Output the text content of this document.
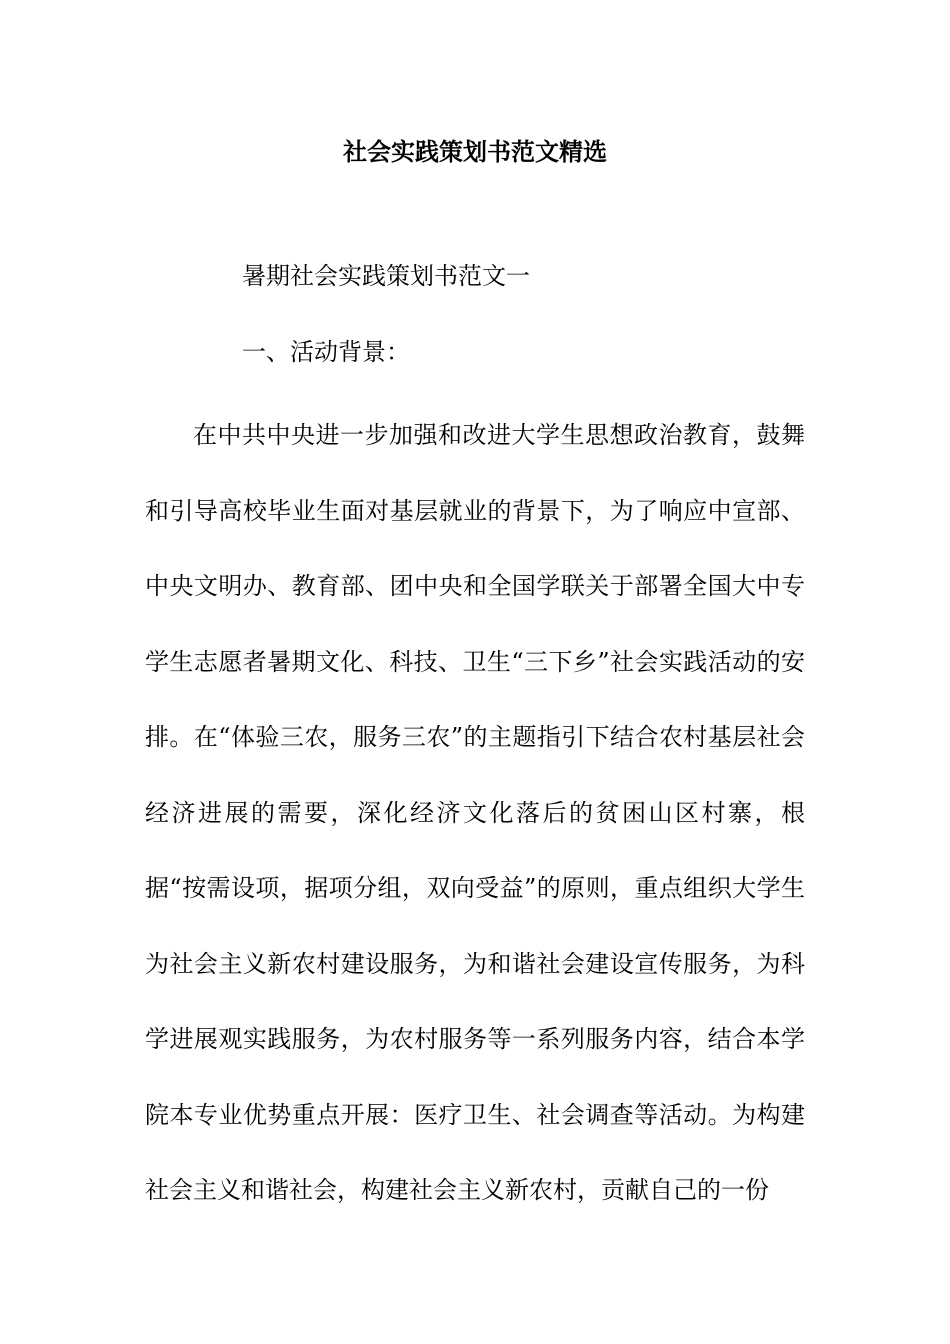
社会实践策划书范文精选
暑期社会实践策划书范文一
一、活动背景：

在中共中央进一步加强和改进大学生思想政治教育，鼓舞和引导高校毕业生面对基层就业的背景下，为了响应中宣部、中央文明办、教育部、团中央和全国学联关于部署全国大中专学生志愿者暑期文化、科技、卫生“三下乡”社会实践活动的安排。在“体验三农，服务三农”的主题指引下结合农村基层社会经济进展的需要，深化经济文化落后的贫困山区村寨，根据“按需设项，据项分组，双向受益”的原则，重点组织大学生为社会主义新农村建设服务，为和谐社会建设宣传服务，为科学进展观实践服务，为农村服务等一系列服务内容，结合本学院本专业优势重点开展：医疗卫生、社会调查等活动。为构建社会主义和谐社会，构建社会主义新农村，贡献自己的一份
